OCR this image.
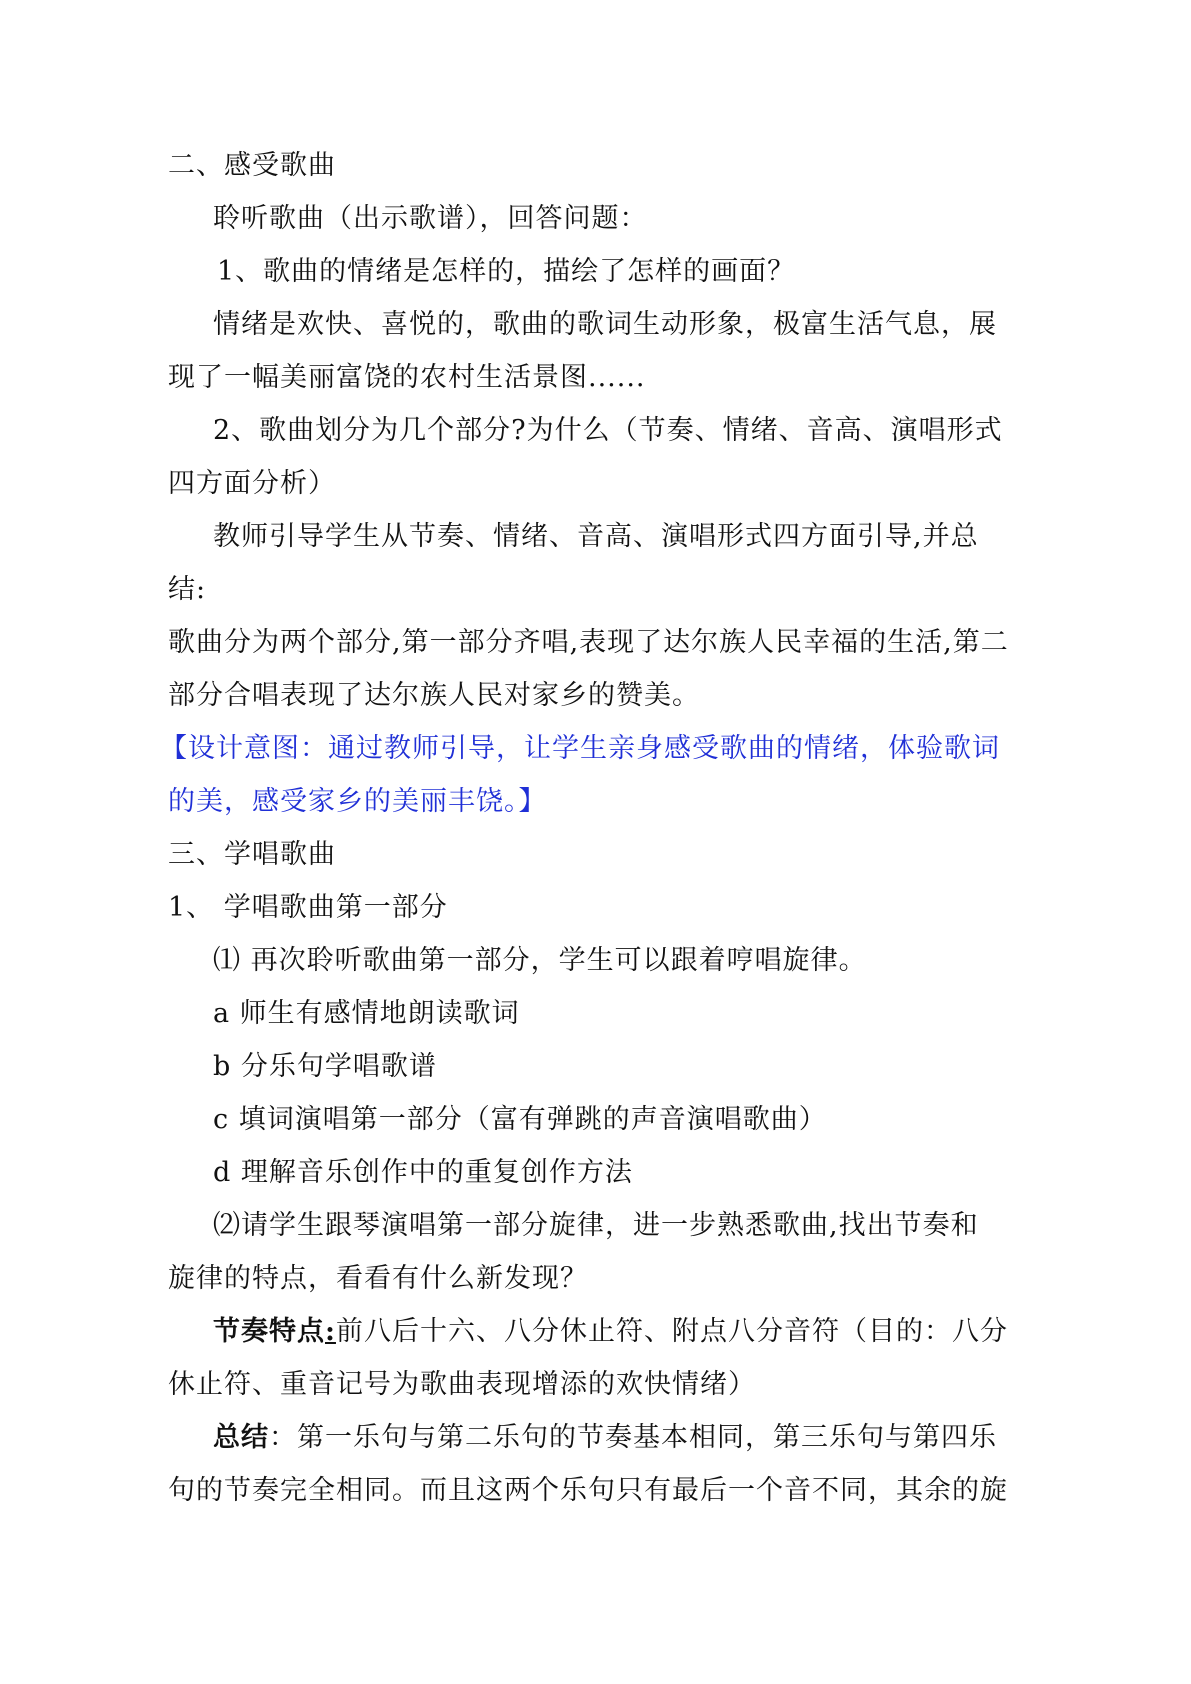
二、感受歌曲
聆听歌曲（出示歌谱），回答问题：
1、歌曲的情绪是怎样的，描绘了怎样的画面？
情绪是欢快、喜悦的，歌曲的歌词生动形象，极富生活气息，展
现了一幅美丽富饶的农村生活景图......
2、歌曲划分为几个部分?为什么（节奏、情绪、音高、演唱形式
四方面分析）
教师引导学生从节奏、情绪、音高、演唱形式四方面引导,并总
结:
歌曲分为两个部分,第一部分齐唱,表现了达尔族人民幸福的生活,第二
部分合唱表现了达尔族人民对家乡的赞美。
【设计意图：通过教师引导，让学生亲身感受歌曲的情绪，体验歌词
的美，感受家乡的美丽丰饶。】
三、学唱歌曲
1、 学唱歌曲第一部分
⑴ 再次聆听歌曲第一部分，学生可以跟着哼唱旋律。
a 师生有感情地朗读歌词
b 分乐句学唱歌谱
c 填词演唱第一部分（富有弹跳的声音演唱歌曲）
d 理解音乐创作中的重复创作方法
⑵请学生跟琴演唱第一部分旋律，进一步熟悉歌曲,找出节奏和
旋律的特点，看看有什么新发现？
节奏特点:前八后十六、八分休止符、附点八分音符（目的：八分
休止符、重音记号为歌曲表现增添的欢快情绪）
总结：第一乐句与第二乐句的节奏基本相同，第三乐句与第四乐
句的节奏完全相同。而且这两个乐句只有最后一个音不同，其余的旋
